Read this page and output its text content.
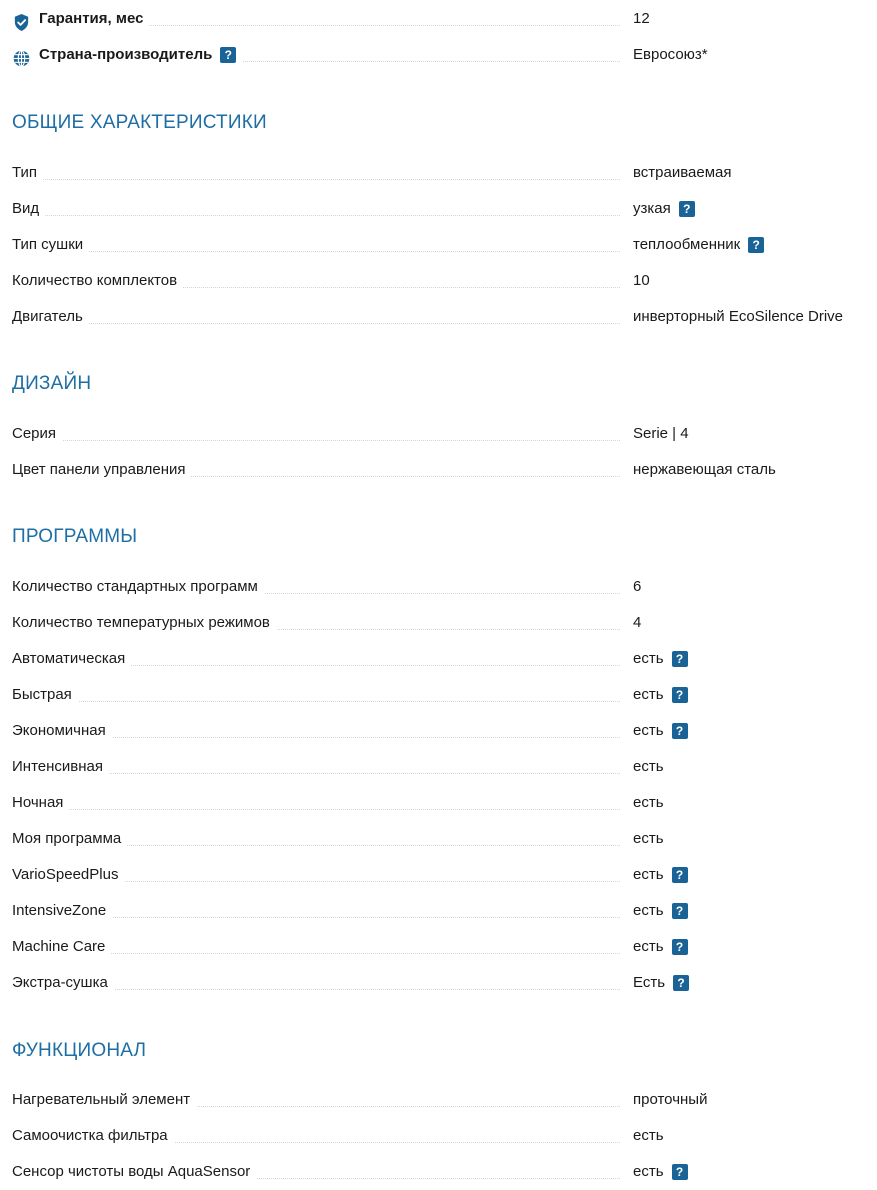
Гарантия, мес	12
Страна-производитель	?	Евросоюз*
ОБЩИЕ ХАРАКТЕРИСТИКИ
Тип	встраиваемая
Вид	узкая	?
Тип сушки	теплообменник	?
Количество комплектов	10
Двигатель	инверторный EcoSilence Drive
ДИЗАЙН
Серия	Serie | 4
Цвет панели управления	нержавеющая сталь
ПРОГРАММЫ
Количество стандартных программ	6
Количество температурных режимов	4
Автоматическая	есть	?
Быстрая	есть	?
Экономичная	есть	?
Интенсивная	есть
Ночная	есть
Моя программа	есть
VarioSpeedPlus	есть	?
IntensiveZone	есть	?
Machine Care	есть	?
Экстра-сушка	Есть	?
ФУНКЦИОНАЛ
Нагревательный элемент	проточный
Самоочистка фильтра	есть
Сенсор чистоты воды AquaSensor	есть	?
